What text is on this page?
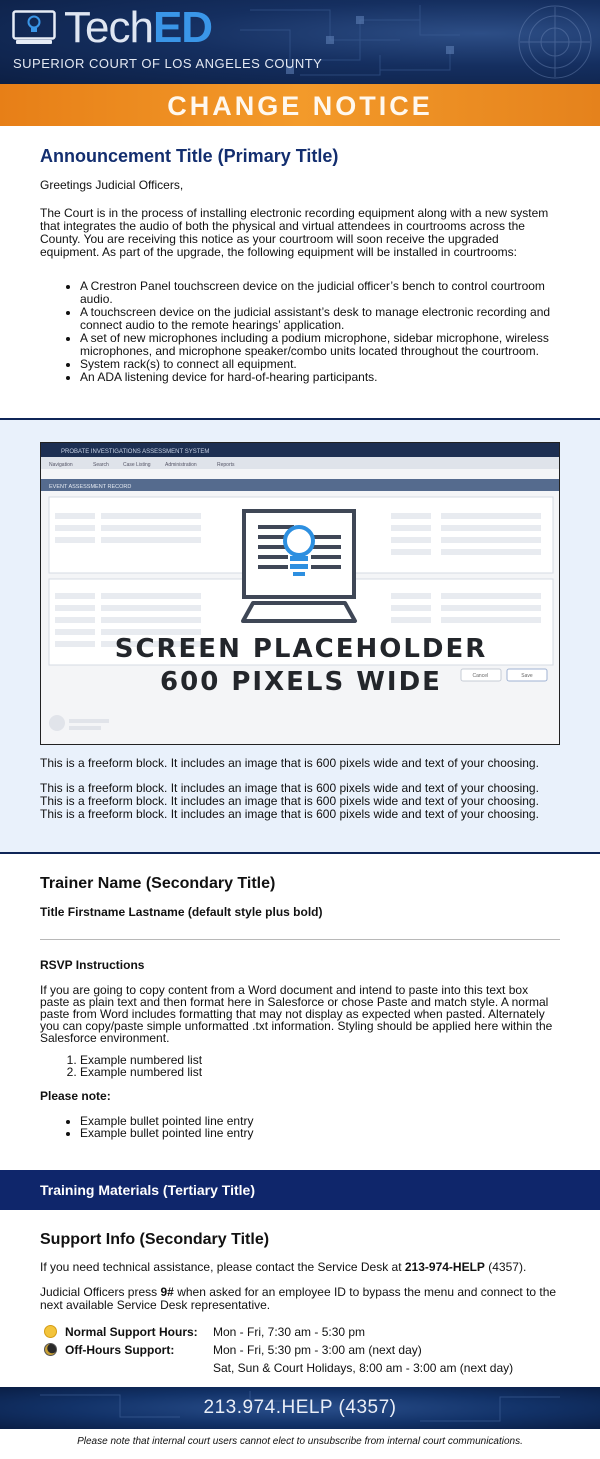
TechED
SUPERIOR COURT OF LOS ANGELES COUNTY
CHANGE NOTICE
Announcement Title (Primary Title)
Greetings Judicial Officers,
The Court is in the process of installing electronic recording equipment along with a new system that integrates the audio of both the physical and virtual attendees in courtrooms across the County. You are receiving this notice as your courtroom will soon receive the upgraded equipment. As part of the upgrade, the following equipment will be installed in courtrooms:
• A Crestron Panel touchscreen device on the judicial officer’s bench to control courtroom audio.
• A touchscreen device on the judicial assistant’s desk to manage electronic recording and connect audio to the remote hearings’ application.
• A set of new microphones including a podium microphone, sidebar microphone, wireless microphones, and microphone speaker/combo units located throughout the courtroom.
• System rack(s) to connect all equipment.
• An ADA listening device for hard-of-hearing participants.
PROBATE INVESTIGATIONS ASSESSMENT SYSTEM
Navigation	Search	Case Listing	Administration	Reports
EVENT ASSESSMENT RECORD
Cancel	Save
SCREEN PLACEHOLDER
600 PIXELS WIDE
This is a freeform block. It includes an image that is 600 pixels wide and text of your choosing.
This is a freeform block. It includes an image that is 600 pixels wide and text of your choosing. This is a freeform block. It includes an image that is 600 pixels wide and text of your choosing. This is a freeform block. It includes an image that is 600 pixels wide and text of your choosing.
Trainer Name (Secondary Title)
Title Firstname Lastname (default style plus bold)
RSVP Instructions
If you are going to copy content from a Word document and intend to paste into this text box paste as plain text and then format here in Salesforce or chose Paste and match style. A normal paste from Word includes formatting that may not display as expected when pasted. Alternately you can copy/paste simple unformatted .txt information. Styling should be applied here within the Salesforce environment.
1. Example numbered list
2. Example numbered list
Please note:
• Example bullet pointed line entry
• Example bullet pointed line entry
Training Materials (Tertiary Title)
Support Info (Secondary Title)
If you need technical assistance, please contact the Service Desk at 213-974-HELP (4357).
Judicial Officers press 9# when asked for an employee ID to bypass the menu and connect to the next available Service Desk representative.
Normal Support Hours: Mon - Fri, 7:30 am - 5:30 pm
Off-Hours Support:	Mon - Fri, 5:30 pm - 3:00 am (next day)
Sat, Sun & Court Holidays, 8:00 am - 3:00 am (next day)
213.974.HELP (4357)
Please note that internal court users cannot elect to unsubscribe from internal court communications.
